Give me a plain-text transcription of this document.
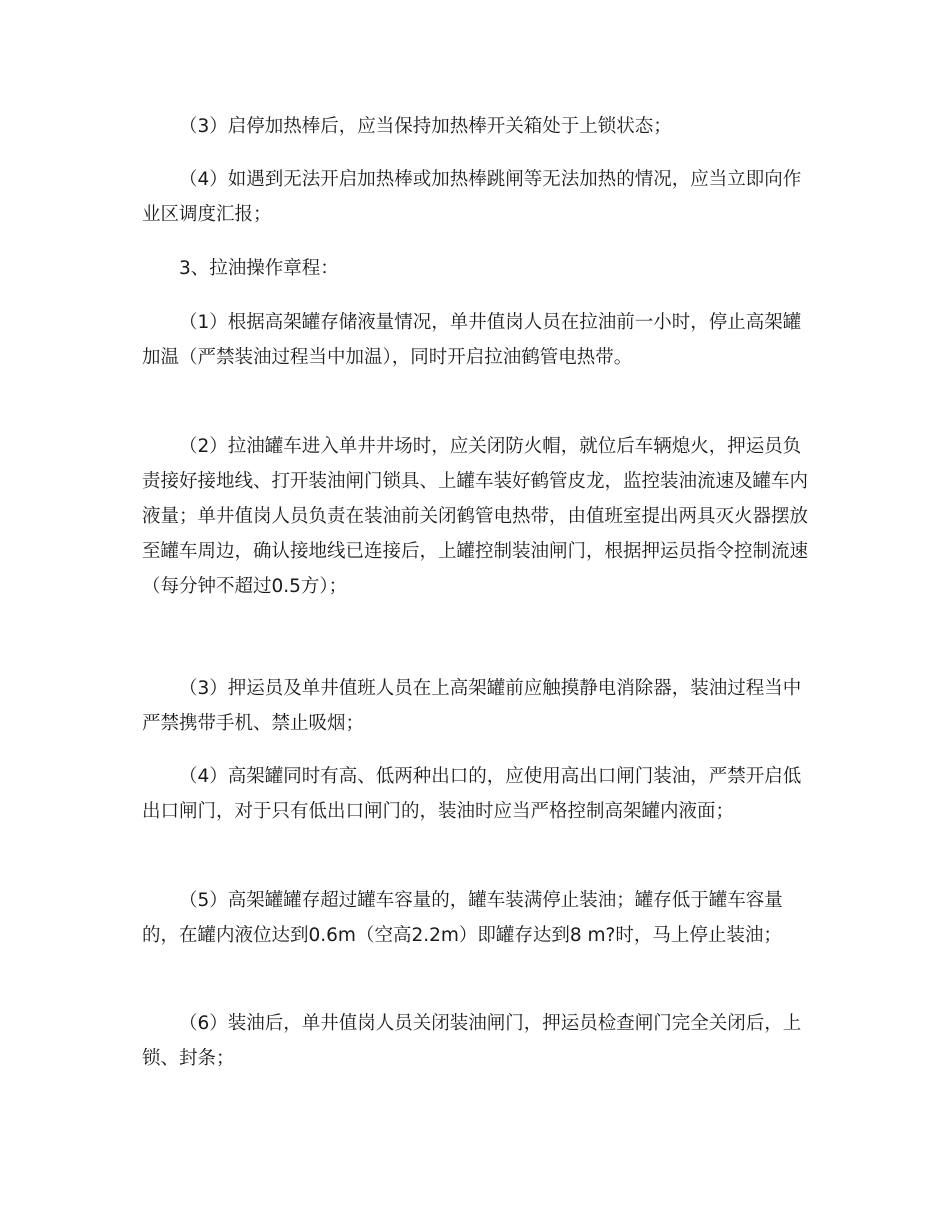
（3）启停加热棒后，应当保持加热棒开关箱处于上锁状态；

（4）如遇到无法开启加热棒或加热棒跳闸等无法加热的情况，应当立即向作业区调度汇报；

3、拉油操作章程：

（1）根据高架罐存储液量情况，单井值岗人员在拉油前一小时，停止高架罐加温（严禁装油过程当中加温），同时开启拉油鹤管电热带。

（2）拉油罐车进入单井井场时，应关闭防火帽，就位后车辆熄火，押运员负责接好接地线、打开装油闸门锁具、上罐车装好鹤管皮龙，监控装油流速及罐车内液量；单井值岗人员负责在装油前关闭鹤管电热带，由值班室提出两具灭火器摆放至罐车周边，确认接地线已连接后，上罐控制装油闸门，根据押运员指令控制流速（每分钟不超过0.5方）；

（3）押运员及单井值班人员在上高架罐前应触摸静电消除器，装油过程当中严禁携带手机、禁止吸烟；

（4）高架罐同时有高、低两种出口的，应使用高出口闸门装油，严禁开启低出口闸门，对于只有低出口闸门的，装油时应当严格控制高架罐内液面；

（5）高架罐罐存超过罐车容量的，罐车装满停止装油；罐存低于罐车容量的，在罐内液位达到0.6m（空高2.2m）即罐存达到8 m?时，马上停止装油；

（6）装油后，单井值岗人员关闭装油闸门，押运员检查闸门完全关闭后，上锁、封条；
